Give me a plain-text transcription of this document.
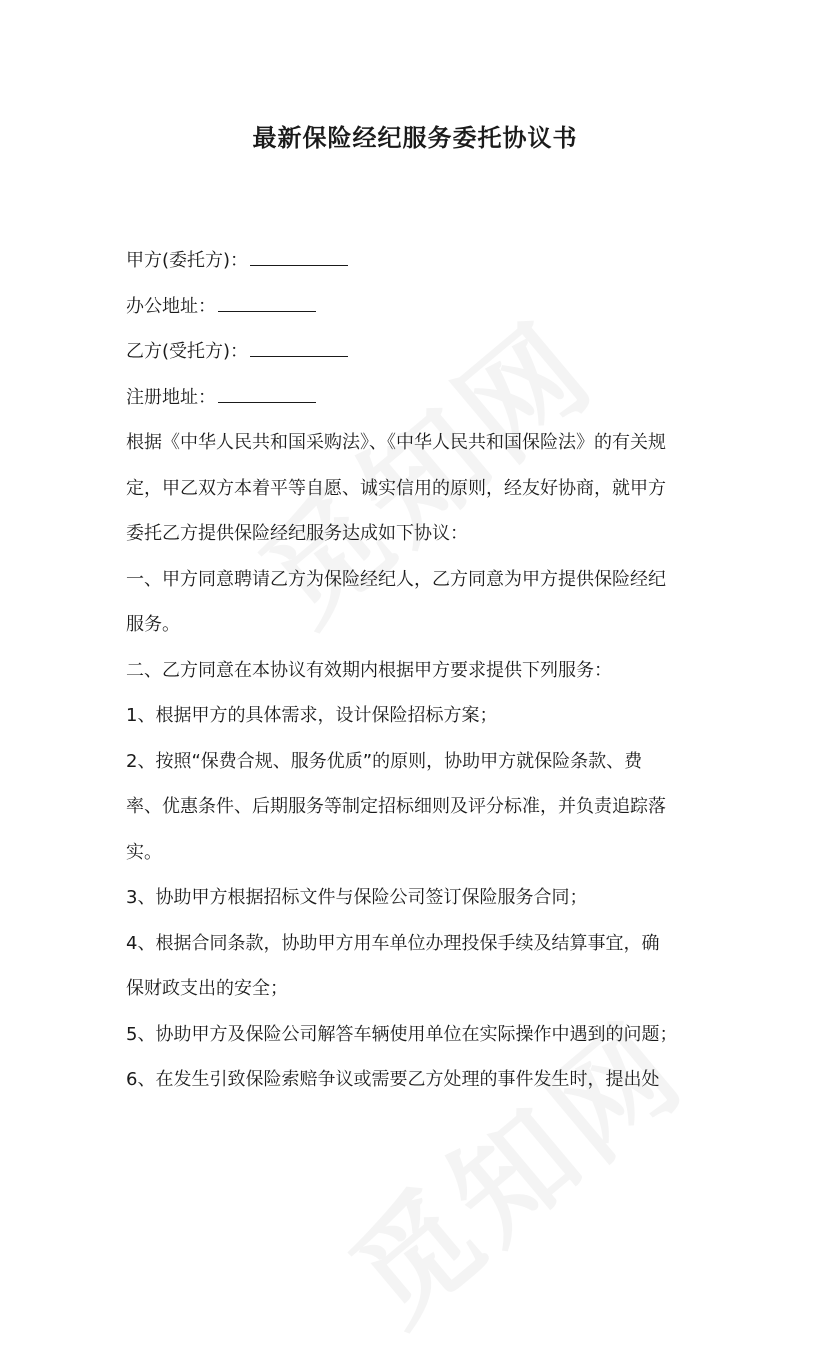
最新保险经纪服务委托协议书

甲方(委托方)：

办公地址：

乙方(受托方)：

注册地址：

根据《中华人民共和国采购法》、《中华人民共和国保险法》的有关规

定，甲乙双方本着平等自愿、诚实信用的原则，经友好协商，就甲方

委托乙方提供保险经纪服务达成如下协议：

一、甲方同意聘请乙方为保险经纪人，乙方同意为甲方提供保险经纪

服务。

二、乙方同意在本协议有效期内根据甲方要求提供下列服务：

1、根据甲方的具体需求，设计保险招标方案；

2、按照“保费合规、服务优质”的原则，协助甲方就保险条款、费

率、优惠条件、后期服务等制定招标细则及评分标准，并负责追踪落

实。

3、协助甲方根据招标文件与保险公司签订保险服务合同；

4、根据合同条款，协助甲方用车单位办理投保手续及结算事宜，确

保财政支出的安全；

5、协助甲方及保险公司解答车辆使用单位在实际操作中遇到的问题；

6、在发生引致保险索赔争议或需要乙方处理的事件发生时，提出处
